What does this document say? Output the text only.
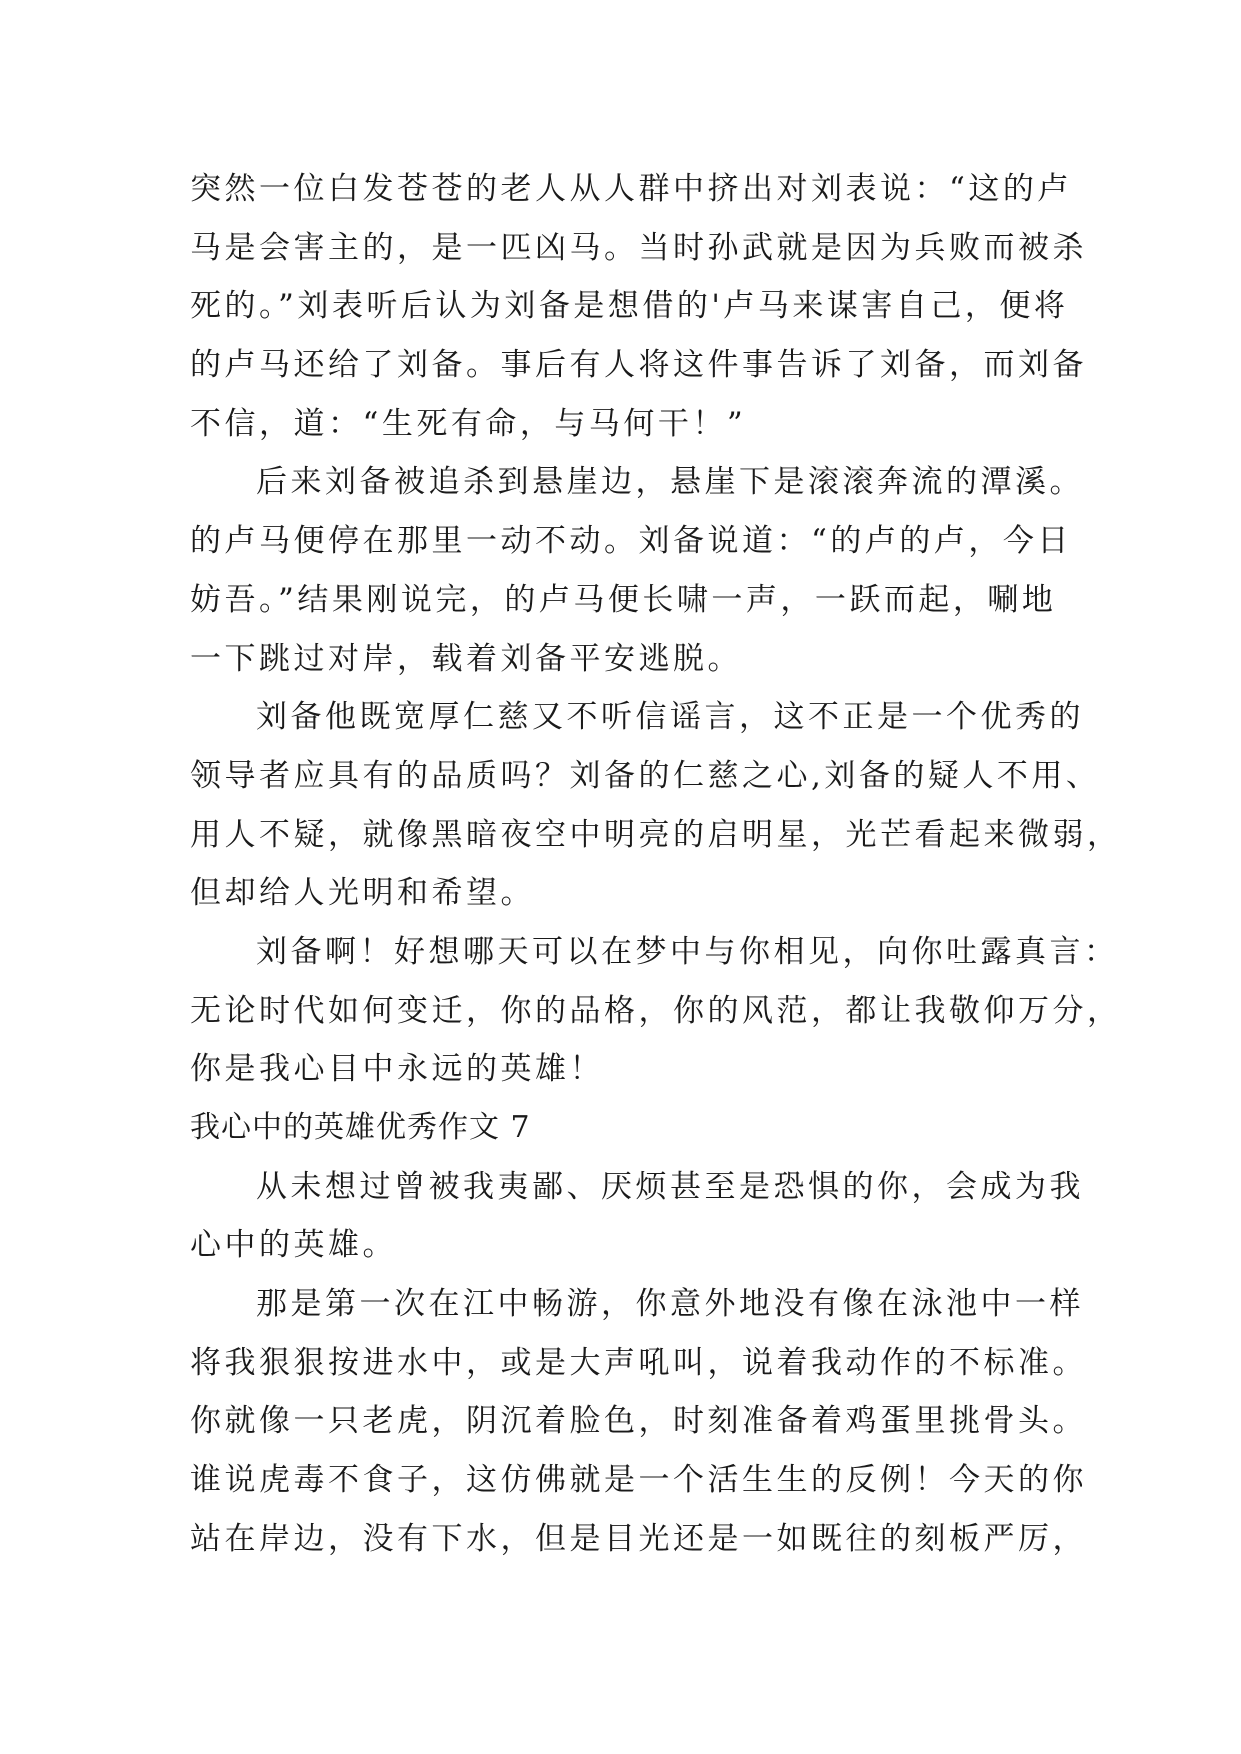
突然一位白发苍苍的老人从人群中挤出对刘表说：“这的卢
马是会害主的，是一匹凶马。当时孙武就是因为兵败而被杀
死的。”刘表听后认为刘备是想借的'卢马来谋害自己，便将
的卢马还给了刘备。事后有人将这件事告诉了刘备，而刘备
不信，道：“生死有命，与马何干！”
后来刘备被追杀到悬崖边，悬崖下是滚滚奔流的潭溪。
的卢马便停在那里一动不动。刘备说道：“的卢的卢，今日
妨吾。”结果刚说完，的卢马便长啸一声，一跃而起，唰地
一下跳过对岸，载着刘备平安逃脱。
刘备他既宽厚仁慈又不听信谣言，这不正是一个优秀的
领导者应具有的品质吗？刘备的仁慈之心,刘备的疑人不用、
用人不疑，就像黑暗夜空中明亮的启明星，光芒看起来微弱，
但却给人光明和希望。
刘备啊！好想哪天可以在梦中与你相见，向你吐露真言：
无论时代如何变迁，你的品格，你的风范，都让我敬仰万分，
你是我心目中永远的英雄！
我心中的英雄优秀作文 7
从未想过曾被我夷鄙、厌烦甚至是恐惧的你，会成为我
心中的英雄。
那是第一次在江中畅游，你意外地没有像在泳池中一样
将我狠狠按进水中，或是大声吼叫，说着我动作的不标准。
你就像一只老虎，阴沉着脸色，时刻准备着鸡蛋里挑骨头。
谁说虎毒不食子，这仿佛就是一个活生生的反例！今天的你
站在岸边，没有下水，但是目光还是一如既往的刻板严厉，
